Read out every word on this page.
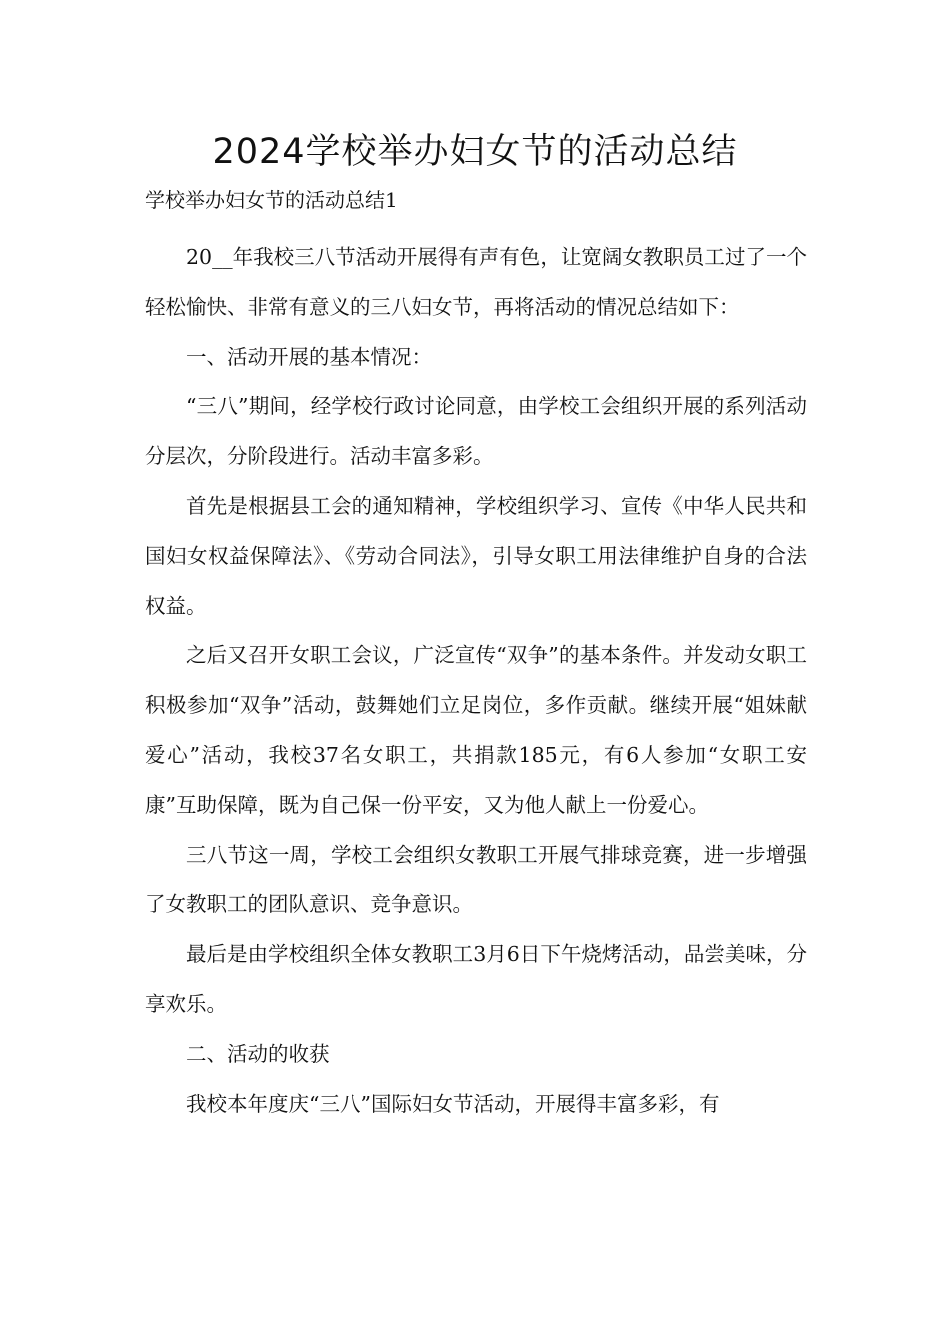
2024学校举办妇女节的活动总结

学校举办妇女节的活动总结1

20__年我校三八节活动开展得有声有色，让宽阔女教职员工过了一个轻松愉快、非常有意义的三八妇女节，再将活动的情况总结如下：

一、活动开展的基本情况：

“三八”期间，经学校行政讨论同意，由学校工会组织开展的系列活动分层次，分阶段进行。活动丰富多彩。

首先是根据县工会的通知精神，学校组织学习、宣传《中华人民共和国妇女权益保障法》、《劳动合同法》，引导女职工用法律维护自身的合法权益。

之后又召开女职工会议，广泛宣传“双争”的基本条件。并发动女职工积极参加“双争”活动，鼓舞她们立足岗位，多作贡献。继续开展“姐妹献爱心”活动，我校37名女职工，共捐款185元，有6人参加“女职工安康”互助保障，既为自己保一份平安，又为他人献上一份爱心。

三八节这一周，学校工会组织女教职工开展气排球竞赛，进一步增强了女教职工的团队意识、竞争意识。

最后是由学校组织全体女教职工3月6日下午烧烤活动，品尝美味，分享欢乐。

二、活动的收获

我校本年度庆“三八”国际妇女节活动，开展得丰富多彩，有
